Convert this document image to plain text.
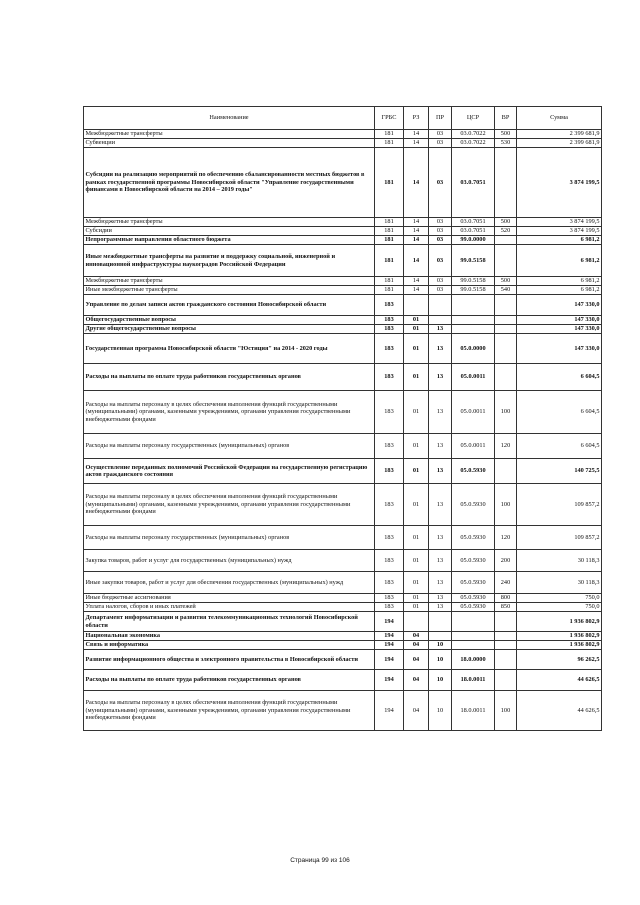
Наименование	ГРБС	РЗ	ПР	ЦСР	ВР	Сумма
Межбюджетные трансферты	181	14	03	03.0.7022	500	2 399 681,9
Субвенции	181	14	03	03.0.7022	530	2 399 681,9
Субсидии на реализацию мероприятий по обеспечению сбалансированности местных бюджетов в рамках государственной программы Новосибирской области "Управление государственными финансами в Новосибирской области на 2014 – 2019 годы"	181	14	03	03.0.7051		3 874 199,5
Межбюджетные трансферты	181	14	03	03.0.7051	500	3 874 199,5
Субсидии	181	14	03	03.0.7051	520	3 874 199,5
Непрограммные направления областного бюджета	181	14	03	99.0.0000		6 981,2
Иные межбюджетные трансферты на развитие и поддержку социальной, инженерной и инновационной инфраструктуры наукоградов Российской Федерации	181	14	03	99.0.5158		6 981,2
Межбюджетные трансферты	181	14	03	99.0.5158	500	6 981,2
Иные межбюджетные трансферты	181	14	03	99.0.5158	540	6 981,2
Управление по делам записи актов гражданского состояния Новосибирской области	183					147 330,0
Общегосударственные вопросы	183	01				147 330,0
Другие общегосударственные вопросы	183	01	13			147 330,0
Государственная программа Новосибирской области "Юстиция" на 2014 - 2020 годы	183	01	13	05.0.0000		147 330,0
Расходы на выплаты по оплате труда работников государственных органов	183	01	13	05.0.0011		6 604,5
Расходы на выплаты персоналу в целях обеспечения выполнения функций государственными (муниципальными) органами, казенными учреждениями, органами управления государственными внебюджетными фондами	183	01	13	05.0.0011	100	6 604,5
Расходы на выплаты персоналу государственных (муниципальных) органов	183	01	13	05.0.0011	120	6 604,5
Осуществление переданных полномочий Российской Федерации на государственную регистрацию актов гражданского состояния	183	01	13	05.0.5930		140 725,5
Расходы на выплаты персоналу в целях обеспечения выполнения функций государственными (муниципальными) органами, казенными учреждениями, органами управления государственными внебюджетными фондами	183	01	13	05.0.5930	100	109 857,2
Расходы на выплаты персоналу государственных (муниципальных) органов	183	01	13	05.0.5930	120	109 857,2
Закупка товаров, работ и услуг для государственных (муниципальных) нужд	183	01	13	05.0.5930	200	30 118,3
Иные закупки товаров, работ и услуг для обеспечения государственных (муниципальных) нужд	183	01	13	05.0.5930	240	30 118,3
Иные бюджетные ассигнования	183	01	13	05.0.5930	800	750,0
Уплата налогов, сборов и иных платежей	183	01	13	05.0.5930	850	750,0
Департамент информатизации и развития телекоммуникационных технологий Новосибирской области	194					1 936 802,9
Национальная экономика	194	04				1 936 802,9
Связь и информатика	194	04	10			1 936 802,9
Развитие информационного общества и электронного правительства в Новосибирской области	194	04	10	18.0.0000		96 262,5
Расходы на выплаты по оплате труда работников государственных органов	194	04	10	18.0.0011		44 626,5
Расходы на выплаты персоналу в целях обеспечения выполнения функций государственными (муниципальными) органами, казенными учреждениями, органами управления государственными внебюджетными фондами	194	04	10	18.0.0011	100	44 626,5
Страница 99 из 106
